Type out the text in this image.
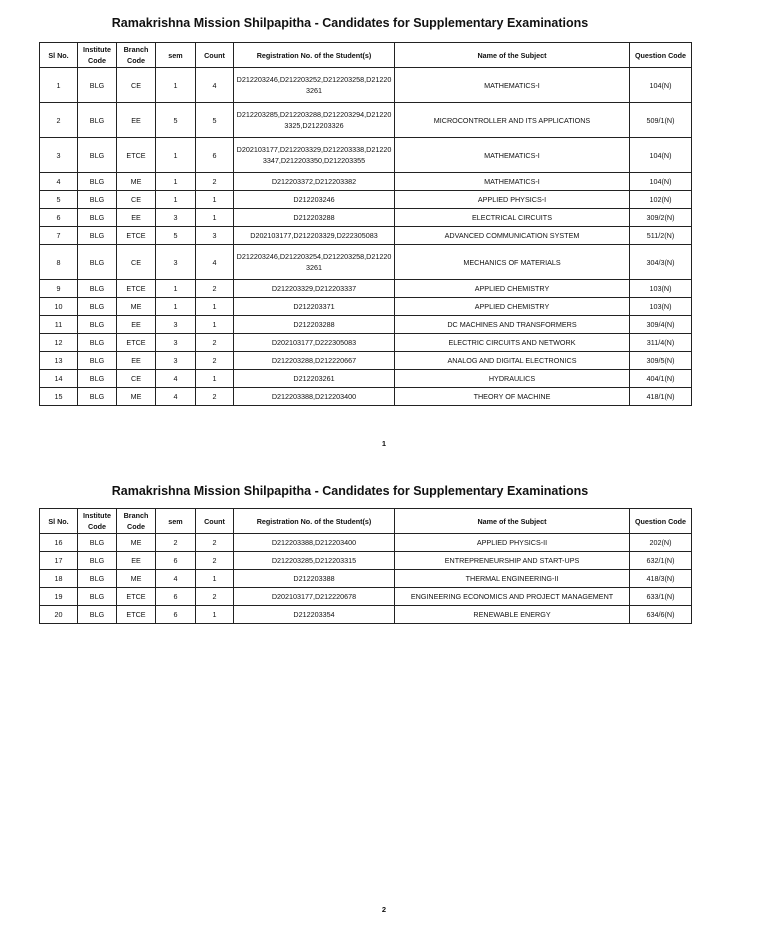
Ramakrishna Mission Shilpapitha - Candidates for Supplementary Examinations
Sl No.	Institute Code	Branch Code	sem	Count	Registration No. of the Student(s)	Name of the Subject	Question Code
1	BLG	CE	1	4	D212203246,D212203252,D212203258,D212203261	MATHEMATICS-I	104(N)
2	BLG	EE	5	5	D212203285,D212203288,D212203294,D212203325,D212203326	MICROCONTROLLER AND ITS APPLICATIONS	509/1(N)
3	BLG	ETCE	1	6	D202103177,D212203329,D212203338,D212203347,D212203350,D212203355	MATHEMATICS-I	104(N)
4	BLG	ME	1	2	D212203372,D212203382	MATHEMATICS-I	104(N)
5	BLG	CE	1	1	D212203246	APPLIED PHYSICS-I	102(N)
6	BLG	EE	3	1	D212203288	ELECTRICAL CIRCUITS	309/2(N)
7	BLG	ETCE	5	3	D202103177,D212203329,D222305083	ADVANCED COMMUNICATION SYSTEM	511/2(N)
8	BLG	CE	3	4	D212203246,D212203254,D212203258,D212203261	MECHANICS OF MATERIALS	304/3(N)
9	BLG	ETCE	1	2	D212203329,D212203337	APPLIED CHEMISTRY	103(N)
10	BLG	ME	1	1	D212203371	APPLIED CHEMISTRY	103(N)
11	BLG	EE	3	1	D212203288	DC MACHINES AND TRANSFORMERS	309/4(N)
12	BLG	ETCE	3	2	D202103177,D222305083	ELECTRIC CIRCUITS AND NETWORK	311/4(N)
13	BLG	EE	3	2	D212203288,D212220667	ANALOG AND DIGITAL ELECTRONICS	309/5(N)
14	BLG	CE	4	1	D212203261	HYDRAULICS	404/1(N)
15	BLG	ME	4	2	D212203388,D212203400	THEORY OF MACHINE	418/1(N)
1
Ramakrishna Mission Shilpapitha - Candidates for Supplementary Examinations
Sl No.	Institute Code	Branch Code	sem	Count	Registration No. of the Student(s)	Name of the Subject	Question Code
16	BLG	ME	2	2	D212203388,D212203400	APPLIED PHYSICS-II	202(N)
17	BLG	EE	6	2	D212203285,D212203315	ENTREPRENEURSHIP AND START-UPS	632/1(N)
18	BLG	ME	4	1	D212203388	THERMAL ENGINEERING-II	418/3(N)
19	BLG	ETCE	6	2	D202103177,D212220678	ENGINEERING ECONOMICS AND PROJECT MANAGEMENT	633/1(N)
20	BLG	ETCE	6	1	D212203354	RENEWABLE ENERGY	634/6(N)
2
